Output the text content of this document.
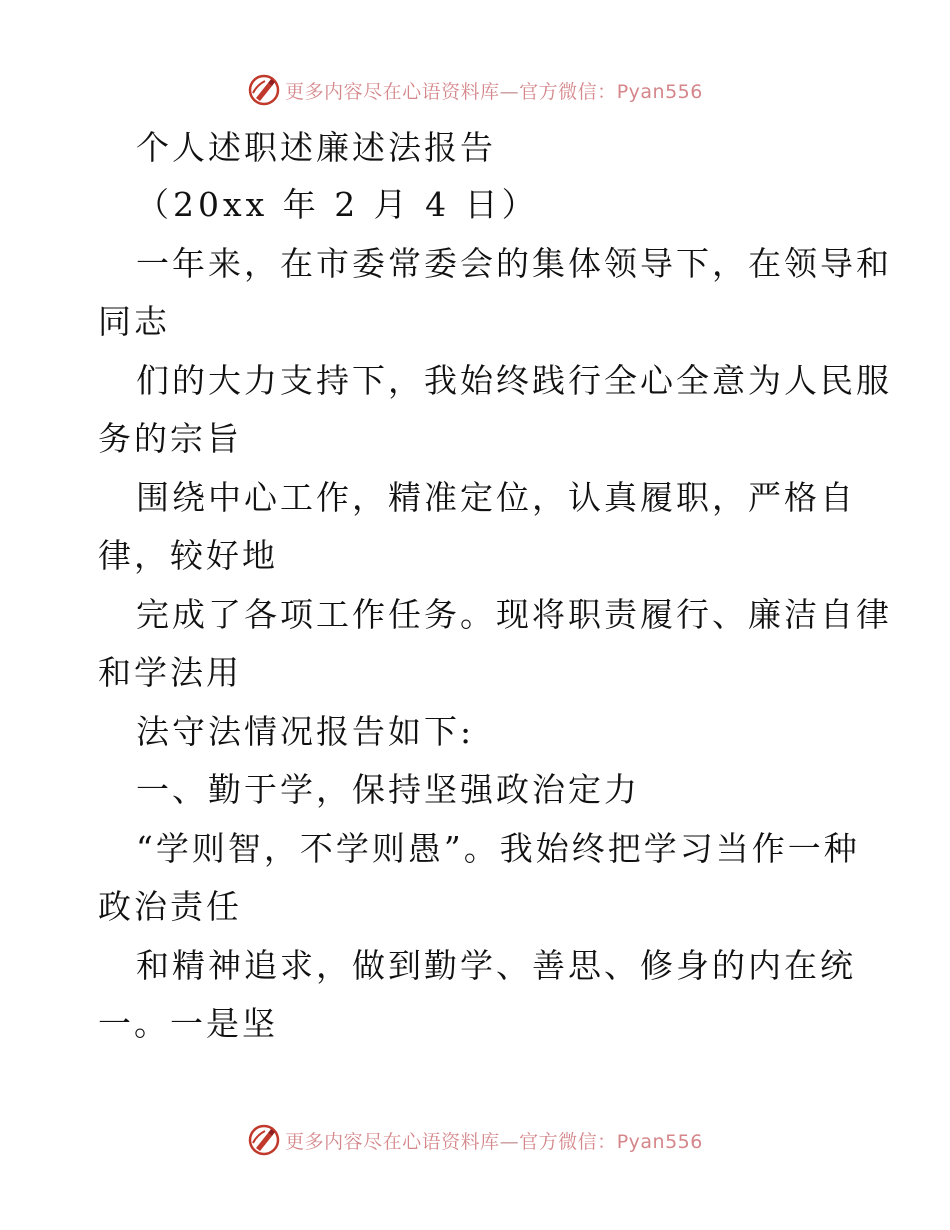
更多内容尽在心语资料库—官方微信：Pyan556
个人述职述廉述法报告
（20xx 年 2 月 4 日）
一年来，在市委常委会的集体领导下，在领导和
同志
们的大力支持下，我始终践行全心全意为人民服
务的宗旨
围绕中心工作，精准定位，认真履职，严格自
律，较好地
完成了各项工作任务。现将职责履行、廉洁自律
和学法用
法守法情况报告如下:
一、勤于学，保持坚强政治定力
“学则智，不学则愚”。我始终把学习当作一种
政治责任
和精神追求，做到勤学、善思、修身的内在统
一。一是坚
更多内容尽在心语资料库—官方微信：Pyan556
